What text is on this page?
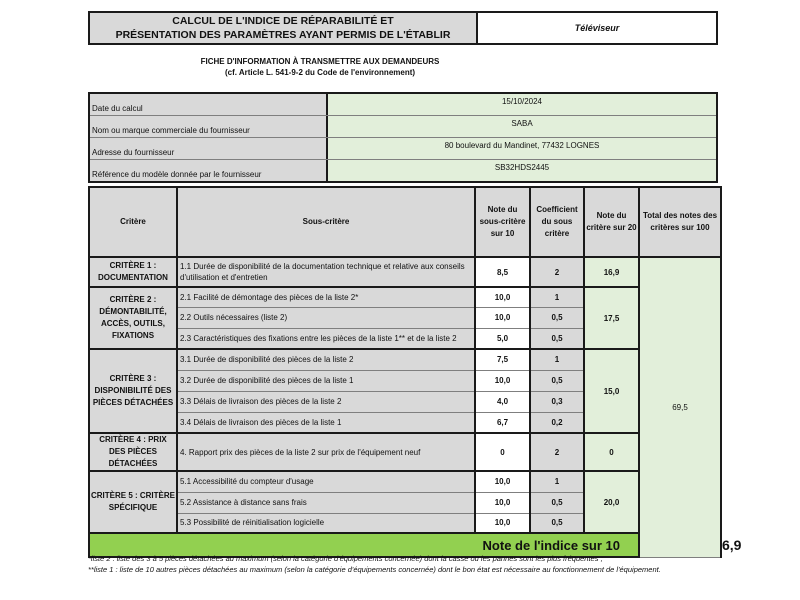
CALCUL DE L'INDICE DE RÉPARABILITÉ ET
PRÉSENTATION DES PARAMÈTRES AYANT PERMIS DE L'ÉTABLIR
Téléviseur
FICHE D'INFORMATION À TRANSMETTRE AUX DEMANDEURS
(cf. Article L. 541-9-2 du Code de l'environnement)
Date du calcul
15/10/2024
Nom ou marque commerciale du fournisseur
SABA
Adresse du fournisseur
80 boulevard du Mandinet, 77432 LOGNES
Référence du modèle donnée par le fournisseur
SB32HDS2445
Critère	Sous-critère	Note du sous-critère sur 10	Coefficient du sous critère	Note du critère sur 20	Total des notes des critères sur 100	
CRITÈRE 1 : DOCUMENTATION	1.1 Durée de disponibilité de la documentation technique et relative aux conseils d'utilisation et d'entretien	8,5	2	16,9	69,5	
CRITÈRE 2 : DÉMONTABILITÉ, ACCÈS, OUTILS, FIXATIONS	2.1 Facilité de démontage des pièces de la liste 2*	10,0	1	17,5		
	2.2 Outils nécessaires (liste 2)	10,0	0,5			
	2.3 Caractéristiques des fixations entre les pièces de la liste 1** et de la liste 2	5,0	0,5			
CRITÈRE 3 : DISPONIBILITÉ DES PIÈCES DÉTACHÉES	3.1 Durée de disponibilité des pièces de la liste 2	7,5	1	15,0		
	3.2 Durée de disponibilité des pièces de la liste 1	10,0	0,5			
	3.3 Délais de livraison des pièces de la liste 2	4,0	0,3			
	3.4 Délais de livraison des pièces de la liste 1	6,7	0,2			
CRITÈRE 4 : PRIX DES PIÈCES DÉTACHÉES	4. Rapport prix des pièces de la liste 2 sur prix de l'équipement neuf	0	2	0		
CRITÈRE 5 : CRITÈRE SPÉCIFIQUE	5.1 Accessibilité du compteur d'usage	10,0	1	20,0		
	5.2 Assistance à distance sans frais	10,0	0,5			
	5.3 Possibilité de réinitialisation logicielle	10,0	0,5			
Note de l'indice sur 10						6,9
*liste 2 : liste des 3 à 5 pièces détachées au maximum (selon la catégorie d'équipements concernée) dont la casse ou les pannes sont les plus fréquentes ;
**liste 1 : liste de 10 autres pièces détachées au maximum (selon la catégorie d'équipements concernée) dont le bon état est nécessaire au fonctionnement de l'équipement.
